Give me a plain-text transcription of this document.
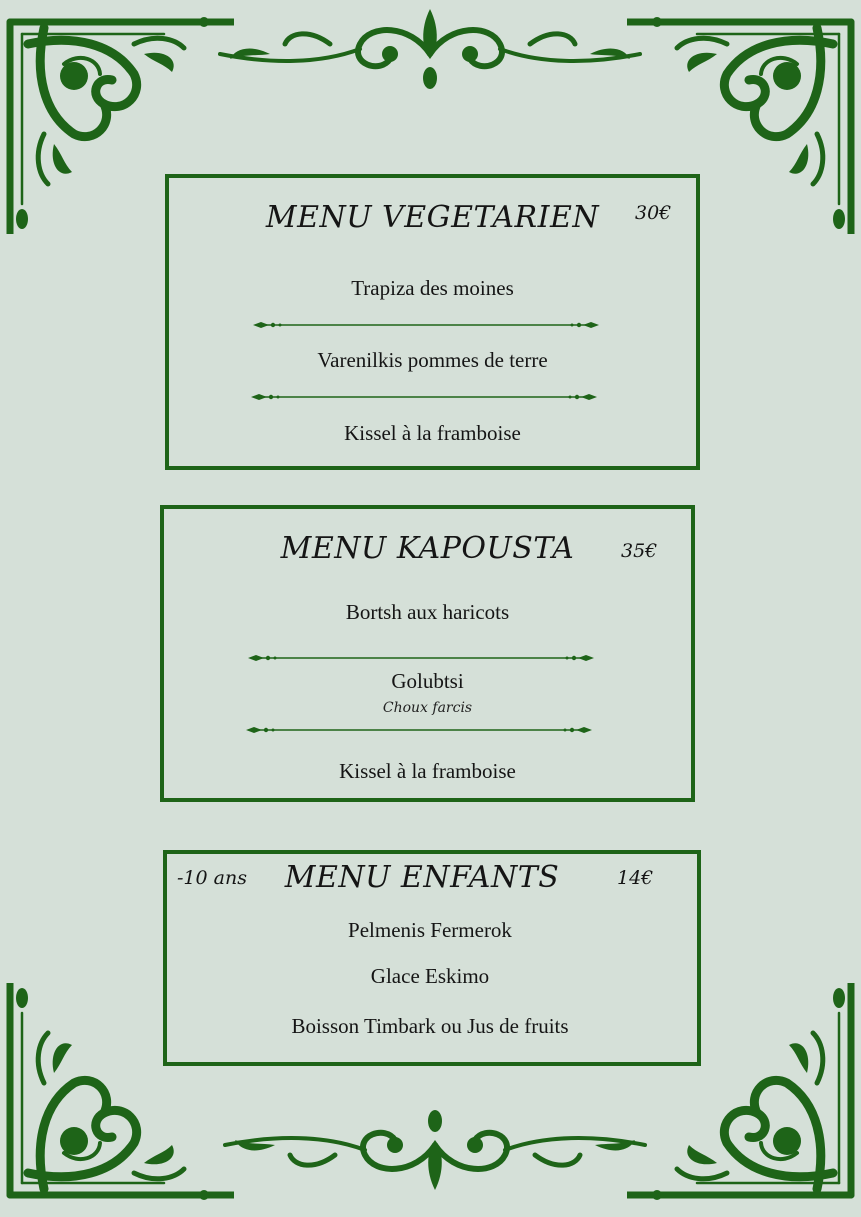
MENU VEGETARIEN	30€
Trapiza des moines
Varenilkis pommes de terre
Kissel à la framboise
MENU KAPOUSTA	35€
Bortsh aux haricots
Golubtsi
Choux farcis
Kissel à la framboise
-10 ans	MENU ENFANTS	14€
Pelmenis Fermerok
Glace Eskimo
Boisson Timbark ou Jus de fruits
